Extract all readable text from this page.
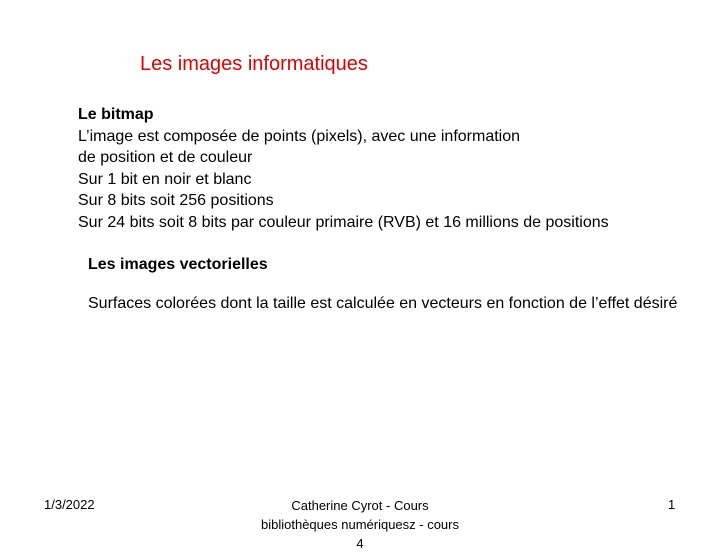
Les images informatiques
Le bitmap
L’image est composée de points (pixels), avec une information
de position et de couleur
Sur 1 bit en noir et blanc
Sur 8 bits soit 256 positions
Sur 24 bits soit 8 bits par couleur primaire (RVB) et 16 millions de positions
Les images vectorielles
Surfaces colorées dont la taille est calculée en vecteurs en fonction de l’effet désiré
1/3/2022	Catherine Cyrot - Cours
bibliothèques numériquesz - cours
4
1
